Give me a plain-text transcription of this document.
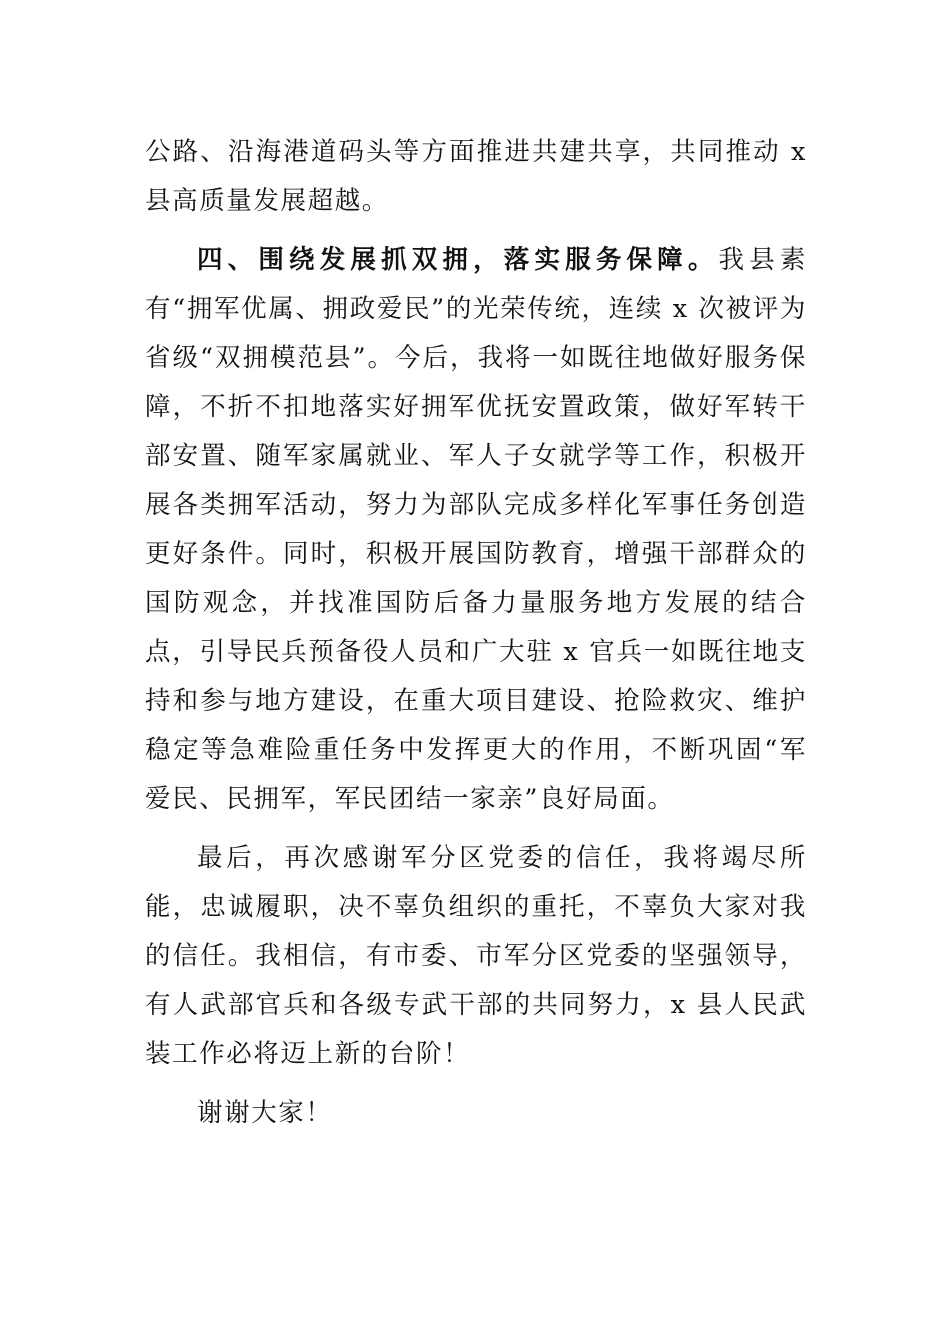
公路、沿海港道码头等方面推进共建共享，共同推动 x 县高质量发展超越。

四、围绕发展抓双拥，落实服务保障。我县素有“拥军优属、拥政爱民”的光荣传统，连续 x 次被评为省级“双拥模范县”。今后，我将一如既往地做好服务保障，不折不扣地落实好拥军优抚安置政策，做好军转干部安置、随军家属就业、军人子女就学等工作，积极开展各类拥军活动，努力为部队完成多样化军事任务创造更好条件。同时，积极开展国防教育，增强干部群众的国防观念，并找准国防后备力量服务地方发展的结合点，引导民兵预备役人员和广大驻 x 官兵一如既往地支持和参与地方建设，在重大项目建设、抢险救灾、维护稳定等急难险重任务中发挥更大的作用，不断巩固“军爱民、民拥军，军民团结一家亲”良好局面。

最后，再次感谢军分区党委的信任，我将竭尽所能，忠诚履职，决不辜负组织的重托，不辜负大家对我的信任。我相信，有市委、市军分区党委的坚强领导，有人武部官兵和各级专武干部的共同努力，x 县人民武装工作必将迈上新的台阶！

谢谢大家！
